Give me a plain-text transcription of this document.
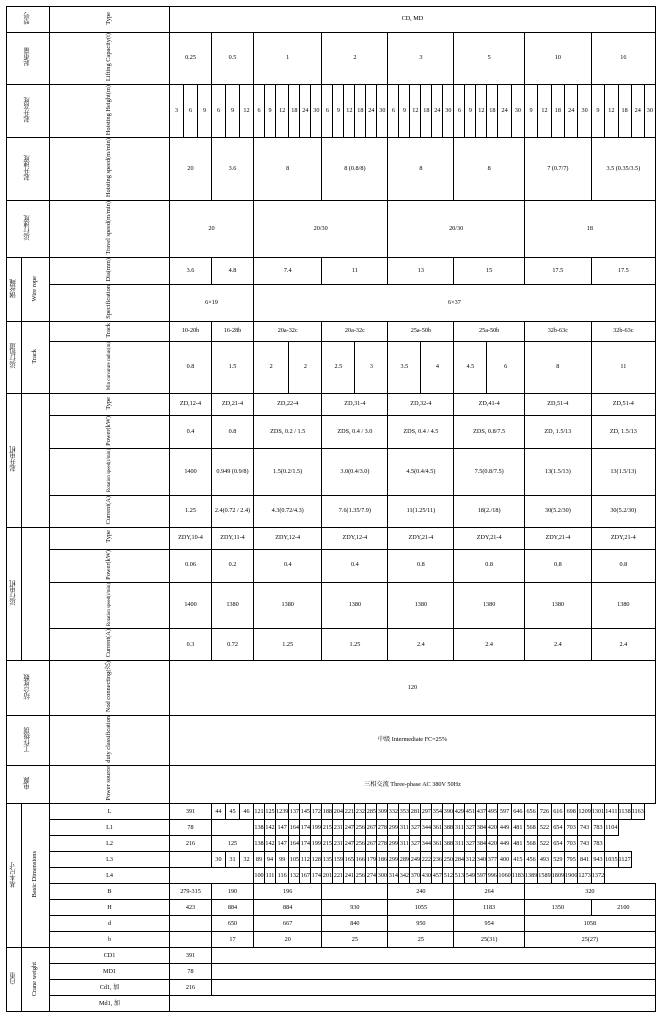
型号		Type	CD, MD																																							
起重量		Lifting Capacity(t)	0.25			0.5			1						2						3						5						10					16				
起升高度		Hoisting Height(m)	3	6	9	6	9	12	6	9	12	18	24	30	6	9	12	18	24	30	6	9	12	18	24	30	6	9	12	18	24	30	9	12	18	24	30	9	12	18	24	30
起升速度		Hoisting speed(m/min)	20			3.6			8						8 (0.8/8)						8						8						7 (0.7/7)					3.5 (0.35/3.5)				
运行速度		Travel speed(m/min)	20						20/30												20/30												18									
钢丝绳	Wire rope	Dia(mm)	3.6			4.8			7.4						11						13						15						17.5					17.5				
		Specification	6×19						6×37																																	
运行轨道	Track	Track	10-20b			16-28b			20a-32c						20a-32c						25a-50b						25a-50b						32b-63c					32b-63c				
		Min curvature radius(m)	0.8			1.5			2			2			2.5			3			3.5			4			4.5			6			8					11				
起升电机		Type	ZD,12-4			ZD,21-4			ZD,22-4						ZD,31-4						ZD,32-4						ZD,41-4						ZD,51-4					ZD,51-4				
		Power(kW)	0.4			0.8			ZDS, 0.2 / 1.5						ZDS, 0.4 / 3.0						ZDS, 0.4 / 4.5						ZDS, 0.8/7.5						ZD, 1.5/13					ZD, 1.5/13				
		Rotation speed(r/min)	1400			0.949 (0.9/8)			1.5(0.2/1.5)						3.0(0.4/3.0)						4.5(0.4/4.5)						7.5(0.8/7.5)						13(1.5/13)					13(1.5/13)				
		Current(A)	1.25			2.4(0.72 / 2.4)			4.3(0.72/4.3)						7.6(1.35/7.9)						11(1.25/11)						18(2./18)						30(5.2/30)					30(5.2/30)				
运行电机		Type	ZDY,10-4			ZDY,11-4			ZDY,12-4						ZDY,12-4						ZDY,21-4						ZDY,21-4						ZDY,21-4					ZDY,21-4				
		Power(kW)	0.06			0.2			0.4						0.4						0.8						0.8						0.8					0.8				
		Rotation speed(r/min)	1400			1380			1380						1380						1380						1380						1380					1380				
		Current(A)	0.3			0.72			1.25						1.25						2.4						2.4						2.4					2.4				
结合度数		Nod connecting(次)	120																																							
工作级别		duty classification	中级 Intermediate FC=25%																																							
电源		Power source	三相交流 Three-phase AC 380V 50Hz																																							
基本尺寸	Basic Dimensions	L	391			44	45	46	121	125	1239	137	145	172	188	204	221	232	285	309	332	353	281	297	354	390	429	451	437	495	597	646	656	726	616	698	1209	1301	1411	1138	1163	
		L1	78						138	142	147	164	174	199	215	231	247	256	267	278	299	311	327	344	361	388	311	327	384	420	449	481	568	522	654	703	743	783	1104			
		L2	216			125			138	142	147	164	174	199	215	231	247	256	267	278	299	311	327	344	361	388	311	327	384	420	449	481	568	522	654	703	743	783				
		L3				30	31	32	89	94	99	105	112	128	135	159	165	166	179	186	299	289	249	222	236	250	284	312	340	377	400	415	456	493	529	795	841	943	1035	1127		
		L4							100	111	116	132	167	174	201	221	241	256	274	300	314	342	370	430	457	512	513	549	597	996	1060	1183	1389	1589	1809	1900	1273	1372				
		B	279-315			190			196												240						264						320									
		H	423			884			884						930						1055						1183						1350					2100				
		d				650			667						840						950						954						1058									
		b				17			20						25						25						25(31)						25(27)									
自重	Crane weight	CD1	391																																							
		MD1	78																																							
		Cd1, 加	216																																							
		Md1, 加																																								
